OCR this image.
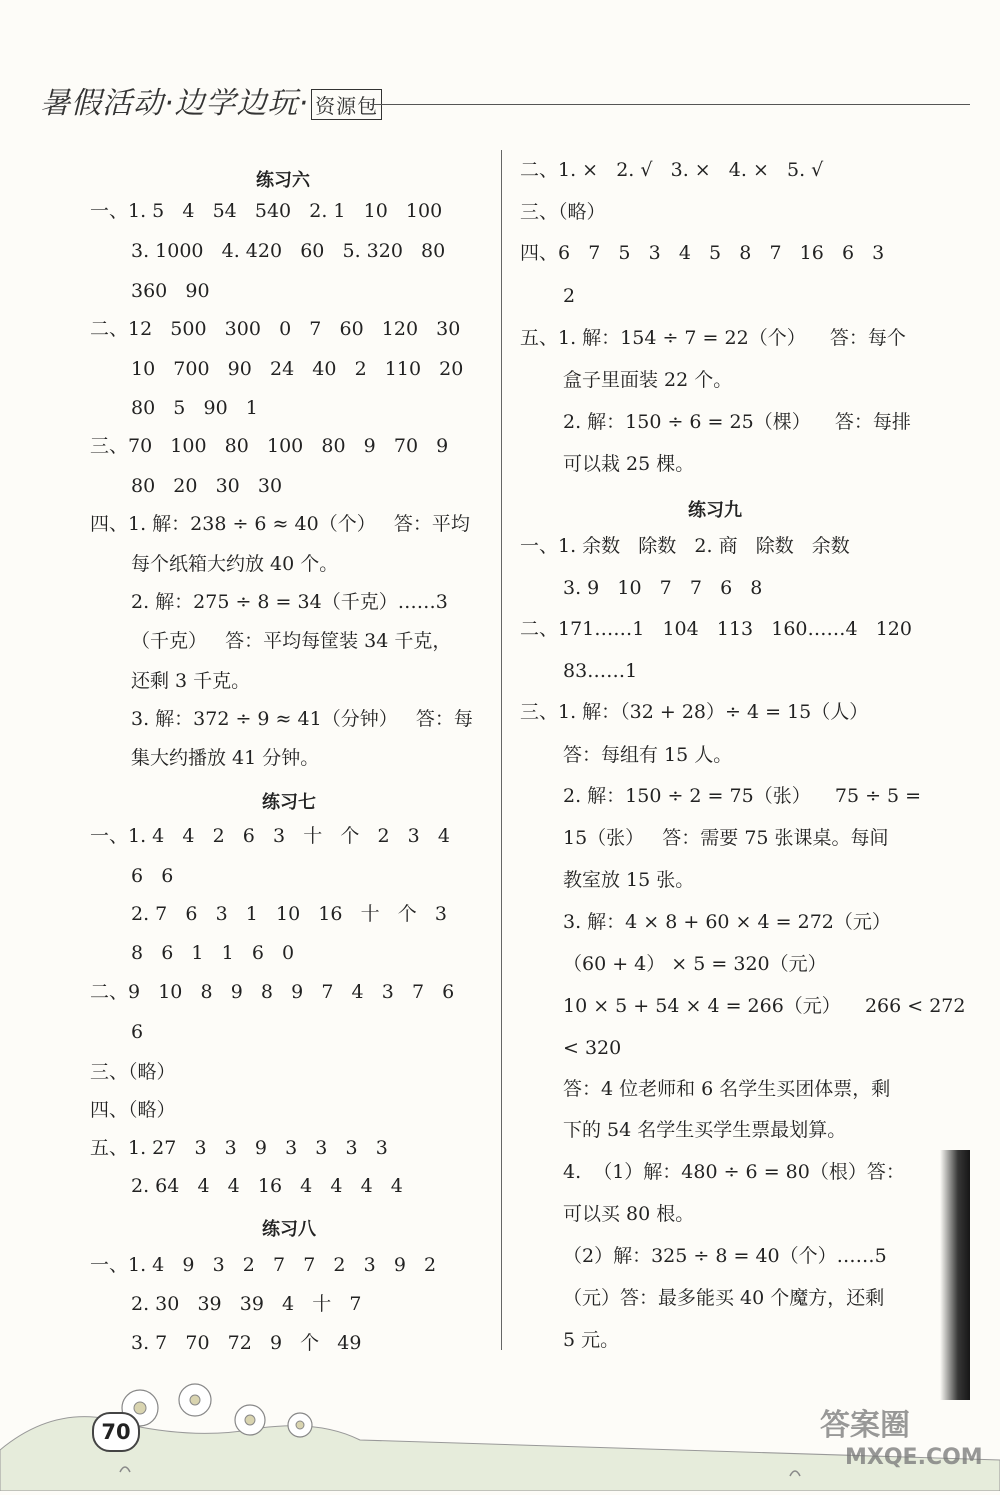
暑假活动·边学边玩· 资源包
练习六
一、1. 5   4   54   540   2. 1   10   100
3. 1000   4. 420   60   5. 320   80
360   90
二、12   500   300   0   7   60   120   30
10   700   90   24   40   2   110   20
80   5   90   1
三、70   100   80   100   80   9   70   9
80   20   30   30
四、1. 解：238 ÷ 6 ≈ 40（个）   答：平均
每个纸箱大约放 40 个。
2. 解：275 ÷ 8 = 34（千克）……3
（千克）   答：平均每筐装 34 千克，
还剩 3 千克。
3. 解：372 ÷ 9 ≈ 41（分钟）   答：每
集大约播放 41 分钟。
练习七
一、1. 4   4   2   6   3   十   个   2   3   4
6   6
2. 7   6   3   1   10   16   十   个   3
8   6   1   1   6   0
二、9   10   8   9   8   9   7   4   3   7   6
6
三、（略）
四、（略）
五、1. 27   3   3   9   3   3   3   3
2. 64   4   4   16   4   4   4   4
练习八
一、1. 4   9   3   2   7   7   2   3   9   2
2. 30   39   39   4   十   7
3. 7   70   72   9   个   49
二、1. ×   2. √   3. ×   4. ×   5. √
三、（略）
四、6   7   5   3   4   5   8   7   16   6   3
2
五、1. 解：154 ÷ 7 = 22（个）    答：每个
盒子里面装 22 个。
2. 解：150 ÷ 6 = 25（棵）    答：每排
可以栽 25 棵。
练习九
一、1. 余数   除数   2. 商   除数   余数
3. 9   10   7   7   6   8
二、171……1   104   113   160……4   120
83……1
三、1. 解：（32 + 28）÷ 4 = 15（人）
答：每组有 15 人。
2. 解：150 ÷ 2 = 75（张）    75 ÷ 5 =
15（张）   答：需要 75 张课桌。每间
教室放 15 张。
3. 解：4 × 8 + 60 × 4 = 272（元）
（60 + 4） × 5 = 320（元）
10 × 5 + 54 × 4 = 266（元）    266 < 272
< 320
答：4 位老师和 6 名学生买团体票，剩
下的 54 名学生买学生票最划算。
4.  （1）解：480 ÷ 6 = 80（根）答：
可以买 80 根。
（2）解：325 ÷ 8 = 40（个）……5
（元）答：最多能买 40 个魔方，还剩
5 元。
70	答案圈
MXQE.COM
